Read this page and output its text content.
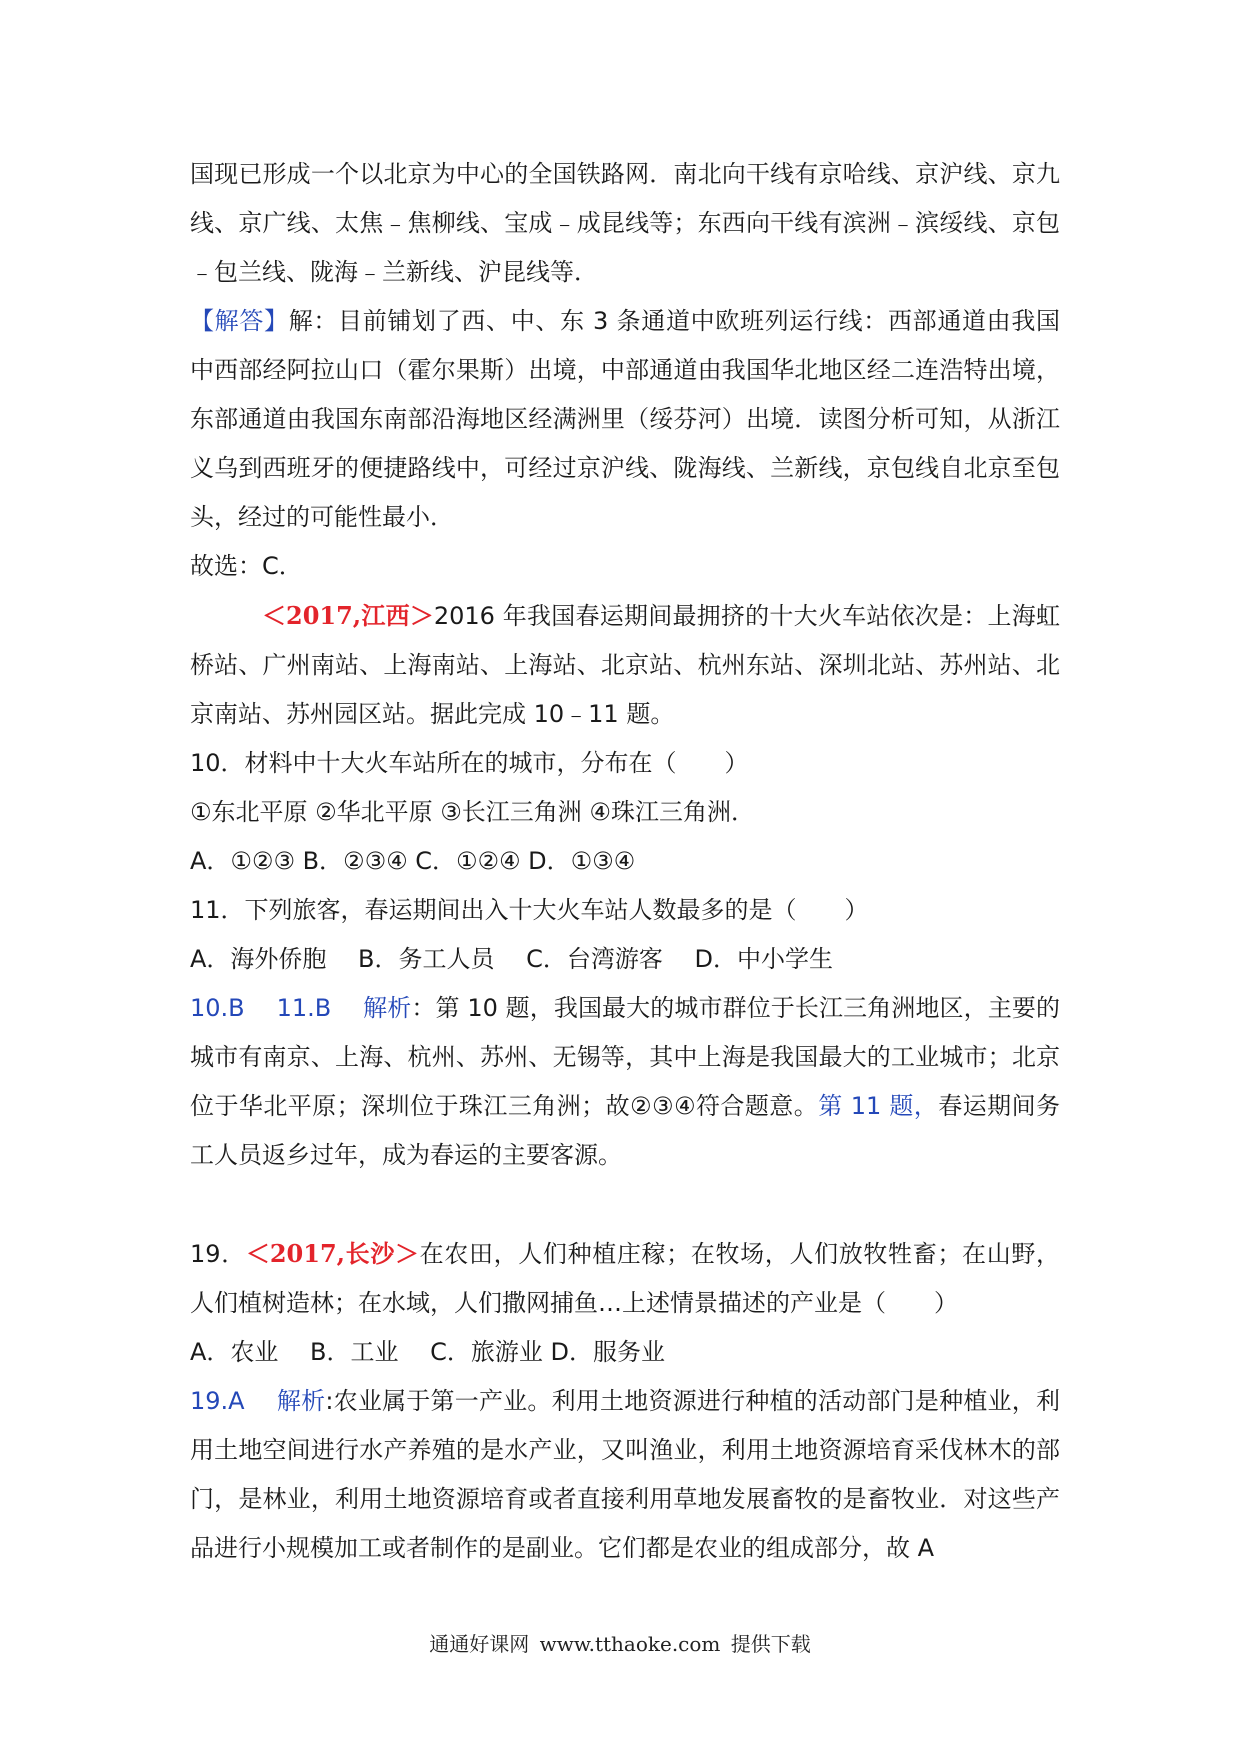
国现已形成一个以北京为中心的全国铁路网．南北向干线有京哈线、京沪线、京九线、京广线、太焦﹣焦柳线、宝成﹣成昆线等；东西向干线有滨洲﹣滨绥线、京包﹣包兰线、陇海﹣兰新线、沪昆线等．

【解答】解：目前铺划了西、中、东 3 条通道中欧班列运行线：西部通道由我国中西部经阿拉山口（霍尔果斯）出境，中部通道由我国华北地区经二连浩特出境，东部通道由我国东南部沿海地区经满洲里（绥芬河）出境．读图分析可知，从浙江义乌到西班牙的便捷路线中，可经过京沪线、陇海线、兰新线，京包线自北京至包头，经过的可能性最小．

故选：C．

＜2017,江西＞2016 年我国春运期间最拥挤的十大火车站依次是：上海虹桥站、广州南站、上海南站、上海站、北京站、杭州东站、深圳北站、苏州站、北京南站、苏州园区站。据此完成 10﹣11 题。

10．材料中十大火车站所在的城市，分布在（　　）

①东北平原 ②华北平原 ③长江三角洲 ④珠江三角洲．

A．①②③ B．②③④ C．①②④ D．①③④

11．下列旅客，春运期间出入十大火车站人数最多的是（　　）

A．海外侨胞　 B．务工人员　 C．台湾游客　 D．中小学生

10.B　 11.B　 解析：第 10 题，我国最大的城市群位于长江三角洲地区，主要的城市有南京、上海、杭州、苏州、无锡等，其中上海是我国最大的工业城市；北京位于华北平原；深圳位于珠江三角洲；故②③④符合题意。第 11 题，春运期间务工人员返乡过年，成为春运的主要客源。

19．＜2017,长沙＞在农田，人们种植庄稼；在牧场，人们放牧牲畜；在山野，人们植树造林；在水域，人们撒网捕鱼…上述情景描述的产业是（　　）

A．农业　 B．工业　 C．旅游业 D．服务业

19.A　 解析:农业属于第一产业。利用土地资源进行种植的活动部门是种植业，利用土地空间进行水产养殖的是水产业，又叫渔业，利用土地资源培育采伐林木的部门，是林业，利用土地资源培育或者直接利用草地发展畜牧的是畜牧业．对这些产品进行小规模加工或者制作的是副业。它们都是农业的组成部分，故 A

通通好课网 www.tthaoke.com 提供下载
